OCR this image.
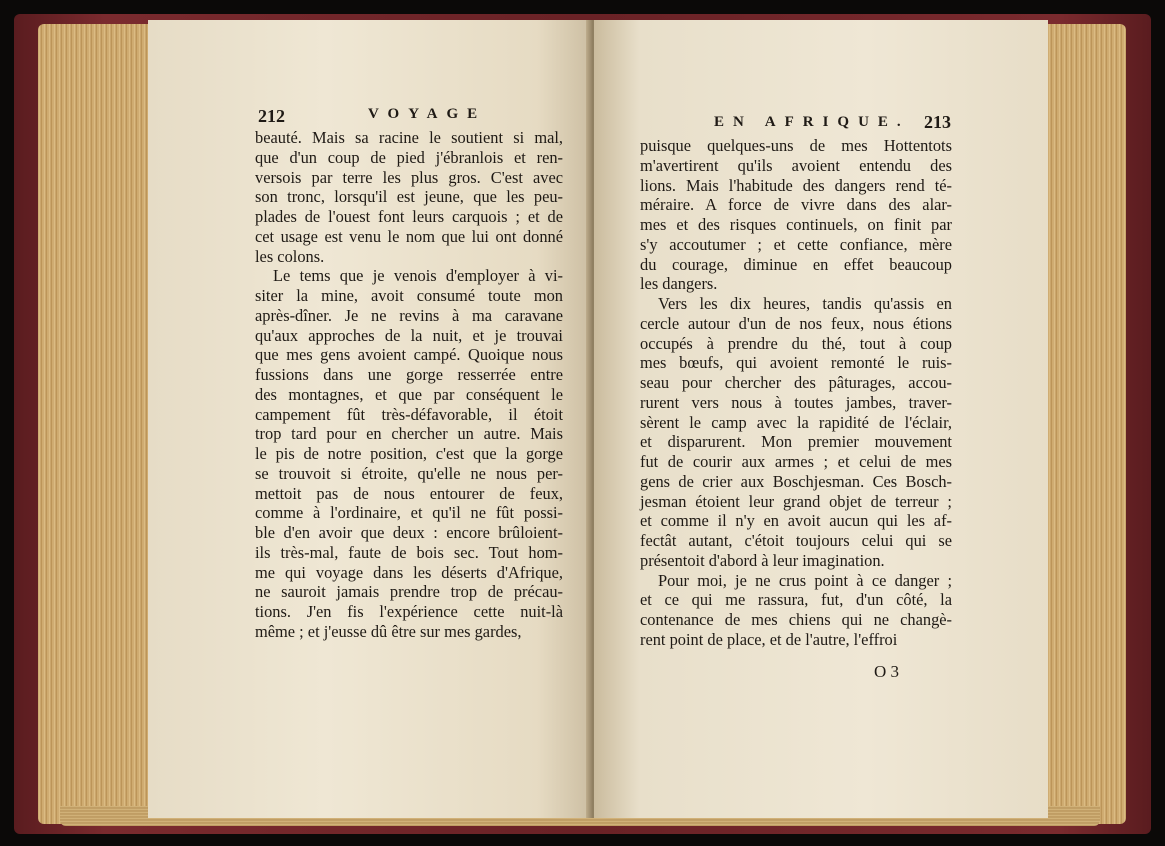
212	VOYAGE
beauté. Mais sa racine le soutient si mal,
que d'un coup de pied j'ébranlois et ren-
versois par terre les plus gros. C'est avec
son tronc, lorsqu'il est jeune, que les peu-
plades de l'ouest font leurs carquois ; et de
cet usage est venu le nom que lui ont donné
les colons.
Le tems que je venois d'employer à vi-
siter la mine, avoit consumé toute mon
après-dîner. Je ne revins à ma caravane
qu'aux approches de la nuit, et je trouvai
que mes gens avoient campé. Quoique nous
fussions dans une gorge resserrée entre
des montagnes, et que par conséquent le
campement fût très-défavorable, il étoit
trop tard pour en chercher un autre. Mais
le pis de notre position, c'est que la gorge
se trouvoit si étroite, qu'elle ne nous per-
mettoit pas de nous entourer de feux,
comme à l'ordinaire, et qu'il ne fût possi-
ble d'en avoir que deux : encore brûloient-
ils très-mal, faute de bois sec. Tout hom-
me qui voyage dans les déserts d'Afrique,
ne sauroit jamais prendre trop de précau-
tions. J'en fis l'expérience cette nuit-là
même ; et j'eusse dû être sur mes gardes,
EN AFRIQUE. 213
puisque quelques-uns de mes Hottentots
m'avertirent qu'ils avoient entendu des
lions. Mais l'habitude des dangers rend té-
méraire. A force de vivre dans des alar-
mes et des risques continuels, on finit par
s'y accoutumer ; et cette confiance, mère
du courage, diminue en effet beaucoup
les dangers.
Vers les dix heures, tandis qu'assis en
cercle autour d'un de nos feux, nous étions
occupés à prendre du thé, tout à coup
mes bœufs, qui avoient remonté le ruis-
seau pour chercher des pâturages, accou-
rurent vers nous à toutes jambes, traver-
sèrent le camp avec la rapidité de l'éclair,
et disparurent. Mon premier mouvement
fut de courir aux armes ; et celui de mes
gens de crier aux Boschjesman. Ces Bosch-
jesman étoient leur grand objet de terreur ;
et comme il n'y en avoit aucun qui les af-
fectât autant, c'étoit toujours celui qui se
présentoit d'abord à leur imagination.
Pour moi, je ne crus point à ce danger ;
et ce qui me rassura, fut, d'un côté, la
contenance de mes chiens qui ne changè-
rent point de place, et de l'autre, l'effroi
O 3
